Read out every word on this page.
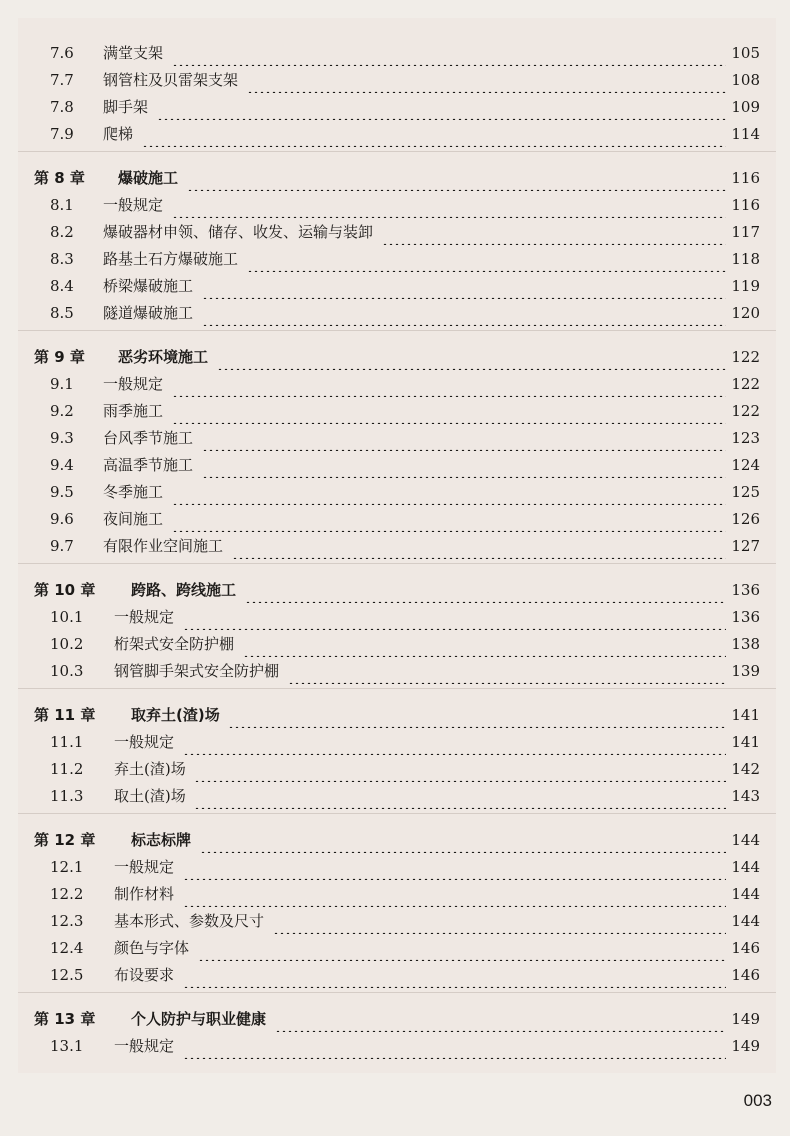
7.6 满堂支架	105
7.7 钢管柱及贝雷架支架	108
7.8 脚手架	109
7.9 爬梯	114
第 8 章 爆破施工	116
8.1 一般规定	116
8.2 爆破器材申领、储存、收发、运输与装卸	117
8.3 路基土石方爆破施工	118
8.4 桥梁爆破施工	119
8.5 隧道爆破施工	120
第 9 章 恶劣环境施工	122
9.1 一般规定	122
9.2 雨季施工	122
9.3 台风季节施工	123
9.4 高温季节施工	124
9.5 冬季施工	125
9.6 夜间施工	126
9.7 有限作业空间施工	127
第 10 章 跨路、跨线施工	136
10.1 一般规定	136
10.2 桁架式安全防护棚	138
10.3 钢管脚手架式安全防护棚	139
第 11 章 取弃土(渣)场	141
11.1 一般规定	141
11.2 弃土(渣)场	142
11.3 取土(渣)场	143
第 12 章 标志标牌	144
12.1 一般规定	144
12.2 制作材料	144
12.3 基本形式、参数及尺寸	144
12.4 颜色与字体	146
12.5 布设要求	146
第 13 章 个人防护与职业健康	149
13.1 一般规定	149
003
